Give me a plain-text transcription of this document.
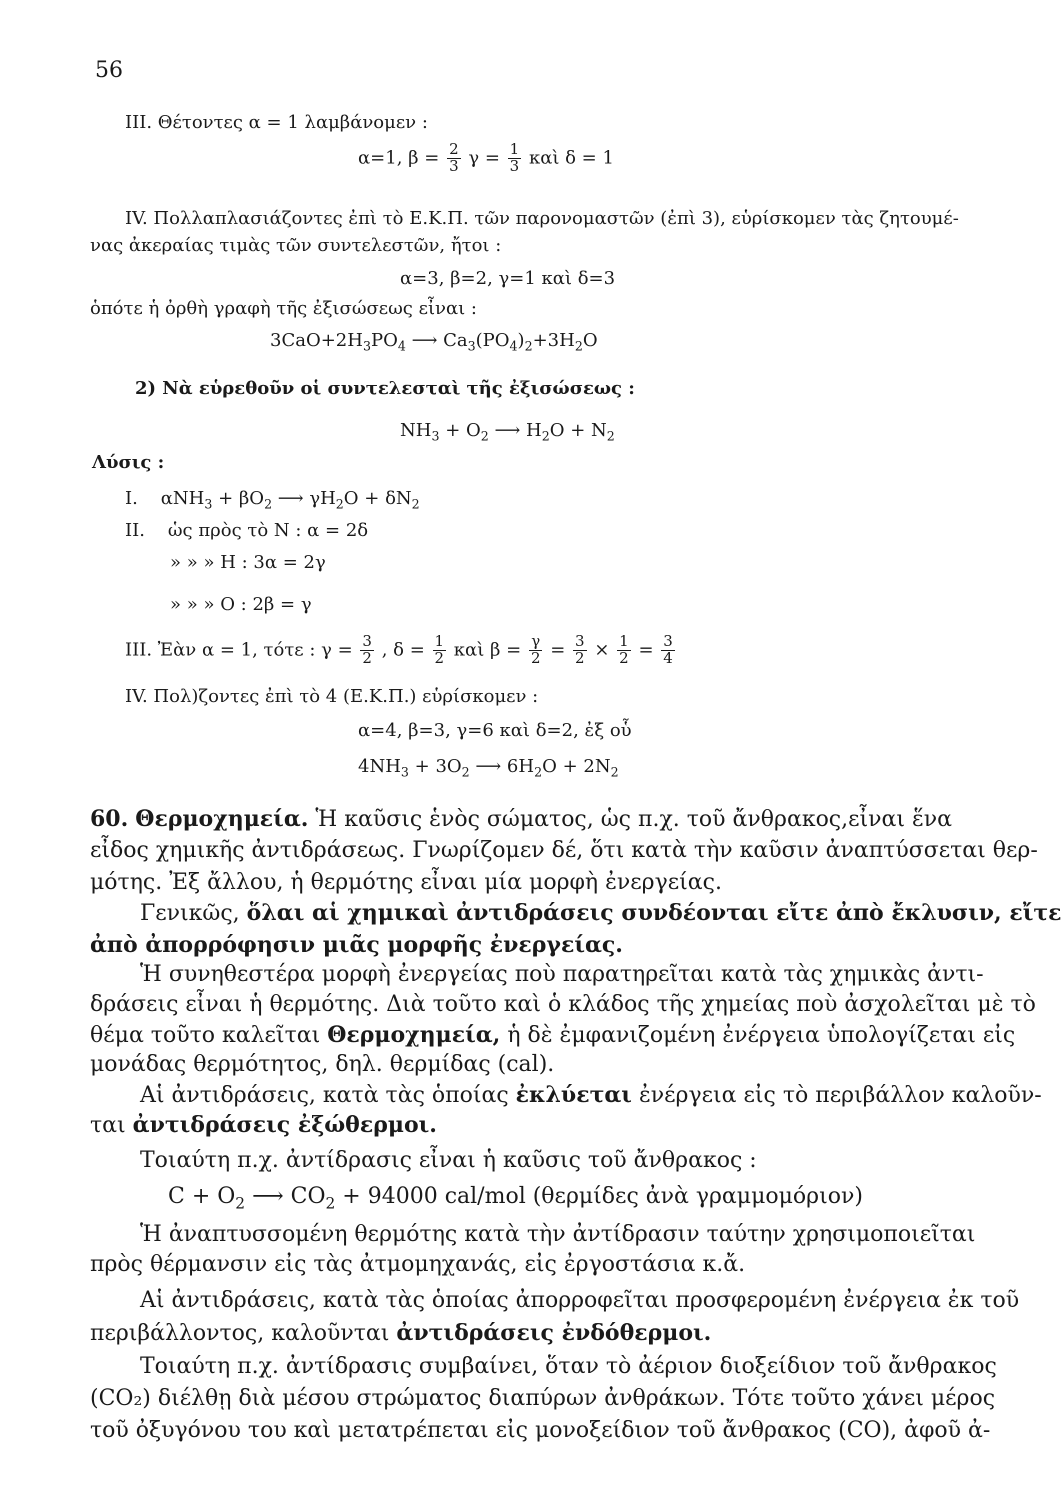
56
III. Θέτοντες α = 1 λαμβάνομεν :
α=1, $\beta = \frac{2}{3}$ $\gamma = \frac{1}{3}$ καὶ δ = 1
IV. Πολλαπλασιάζοντες ἐπὶ τὸ Ε.Κ.Π. τῶν παρονομαστῶν (ἐπὶ 3), εὑρίσκομεν τὰς ζητουμέ-
νας ἀκεραίας τιμὰς τῶν συντελεστῶν, ἤτοι :
α=3, β=2, γ=1 καὶ δ=3
ὁπότε ἡ ὀρθὴ γραφὴ τῆς ἐξισώσεως εἶναι :
$3CaO+2H_3PO_4$ ⟶ $Ca_3(PO_4)_2+3H_2O$
2) Νὰ εὑρεθοῦν οἱ συντελεσταὶ τῆς ἐξισώσεως :
$NH_3 + O_2$ ⟶ $H_2O + N_2$
Λύσις :
I.    $\alpha NH_3 + \beta O_2$ ⟶ $\gamma H_2O + \delta N_2$
II. ὡς πρὸς τὸ N : α = 2δ
» » » H : 3α = 2γ
» » » O : 2β = γ
III. Ἐὰν α = 1, τότε : $\gamma = \frac{3}{2}$ , $\delta = \frac{1}{2}$ καὶ $\beta = \frac{\gamma}{2} = \frac{3}{2} \times \frac{1}{2} = \frac{3}{4}$
IV. Πολ)ζοντες ἐπὶ τὸ 4 (Ε.Κ.Π.) εὑρίσκομεν :
α=4, β=3, γ=6 καὶ δ=2, ἐξ οὗ
$4NH_3 + 3O_2$ ⟶ $6H_2O + 2N_2$
60. Θερμοχημεία. Ἡ καῦσις ἑνὸς σώματος, ὡς π.χ. τοῦ ἄνθρακος,εἶναι ἕνα
εἶδος χημικῆς ἀντιδράσεως. Γνωρίζομεν δέ, ὅτι κατὰ τὴν καῦσιν ἀναπτύσσεται θερ-
μότης. Ἐξ ἄλλου, ἡ θερμότης εἶναι μία μορφὴ ἐνεργείας.
Γενικῶς, ὅλαι αἱ χημικαὶ ἀντιδράσεις συνδέονται εἴτε ἀπὸ ἔκλυσιν, εἴτε
ἀπὸ ἀπορρόφησιν μιᾶς μορφῆς ἐνεργείας.
Ἡ συνηθεστέρα μορφὴ ἐνεργείας ποὺ παρατηρεῖται κατὰ τὰς χημικὰς ἀντι-
δράσεις εἶναι ἡ θερμότης. Διὰ τοῦτο καὶ ὁ κλάδος τῆς χημείας ποὺ ἀσχολεῖται μὲ τὸ
θέμα τοῦτο καλεῖται Θερμοχημεία, ἡ δὲ ἐμφανιζομένη ἐνέργεια ὑπολογίζεται εἰς
μονάδας θερμότητος, δηλ. θερμίδας (cal).
Αἱ ἀντιδράσεις, κατὰ τὰς ὁποίας ἐκλύεται ἐνέργεια εἰς τὸ περιβάλλον καλοῦν-
ται ἀντιδράσεις ἐξώθερμοι.
Τοιαύτη π.χ. ἀντίδρασις εἶναι ἡ καῦσις τοῦ ἄνθρακος :
$C + O_2$ ⟶ $CO_2 + 94000$ cal/mol (θερμίδες ἀνὰ γραμμομόριον)
Ἡ ἀναπτυσσομένη θερμότης κατὰ τὴν ἀντίδρασιν ταύτην χρησιμοποιεῖται
πρὸς θέρμανσιν εἰς τὰς ἀτμομηχανάς, εἰς ἐργοστάσια κ.ἄ.
Αἱ ἀντιδράσεις, κατὰ τὰς ὁποίας ἀπορροφεῖται προσφερομένη ἐνέργεια ἐκ τοῦ
περιβάλλοντος, καλοῦνται ἀντιδράσεις ἐνδόθερμοι.
Τοιαύτη π.χ. ἀντίδρασις συμβαίνει, ὅταν τὸ ἀέριον διοξείδιον τοῦ ἄνθρακος
(CO₂) διέλθῃ διὰ μέσου στρώματος διαπύρων ἀνθράκων. Τότε τοῦτο χάνει μέρος
τοῦ ὀξυγόνου του καὶ μετατρέπεται εἰς μονοξείδιον τοῦ ἄνθρακος (CO), ἀφοῦ ἀ-
